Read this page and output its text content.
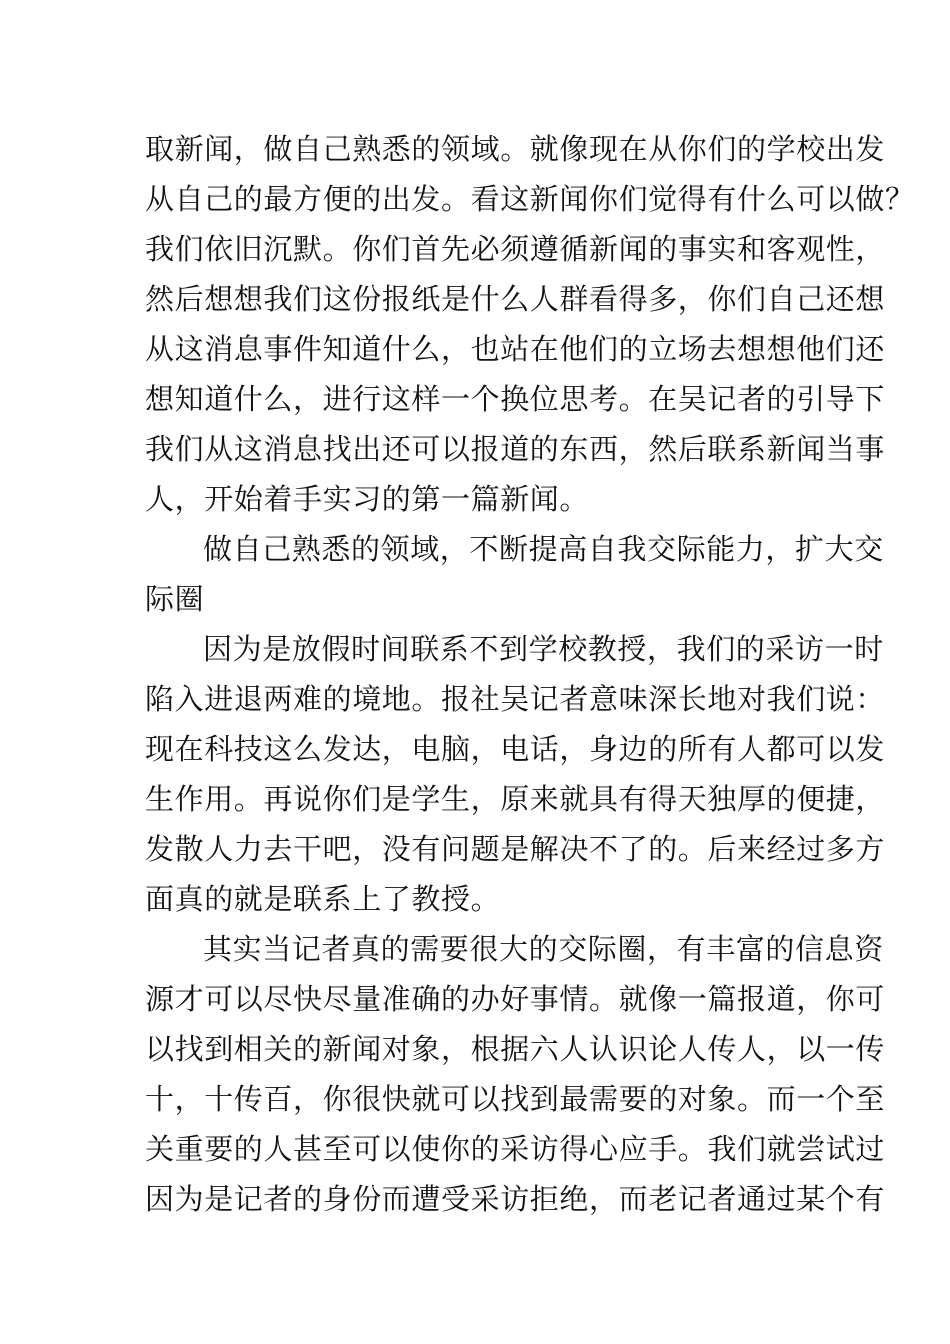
取新闻，做自己熟悉的领域。就像现在从你们的学校出发
从自己的最方便的出发。看这新闻你们觉得有什么可以做？
我们依旧沉默。你们首先必须遵循新闻的事实和客观性，
然后想想我们这份报纸是什么人群看得多，你们自己还想
从这消息事件知道什么，也站在他们的立场去想想他们还
想知道什么，进行这样一个换位思考。在吴记者的引导下
我们从这消息找出还可以报道的东西，然后联系新闻当事
人，开始着手实习的第一篇新闻。
做自己熟悉的领域，不断提高自我交际能力，扩大交
际圈
因为是放假时间联系不到学校教授，我们的采访一时
陷入进退两难的境地。报社吴记者意味深长地对我们说：
现在科技这么发达，电脑，电话，身边的所有人都可以发
生作用。再说你们是学生，原来就具有得天独厚的便捷，
发散人力去干吧，没有问题是解决不了的。后来经过多方
面真的就是联系上了教授。
其实当记者真的需要很大的交际圈，有丰富的信息资
源才可以尽快尽量准确的办好事情。就像一篇报道，你可
以找到相关的新闻对象，根据六人认识论人传人，以一传
十，十传百，你很快就可以找到最需要的对象。而一个至
关重要的人甚至可以使你的采访得心应手。我们就尝试过
因为是记者的身份而遭受采访拒绝，而老记者通过某个有
